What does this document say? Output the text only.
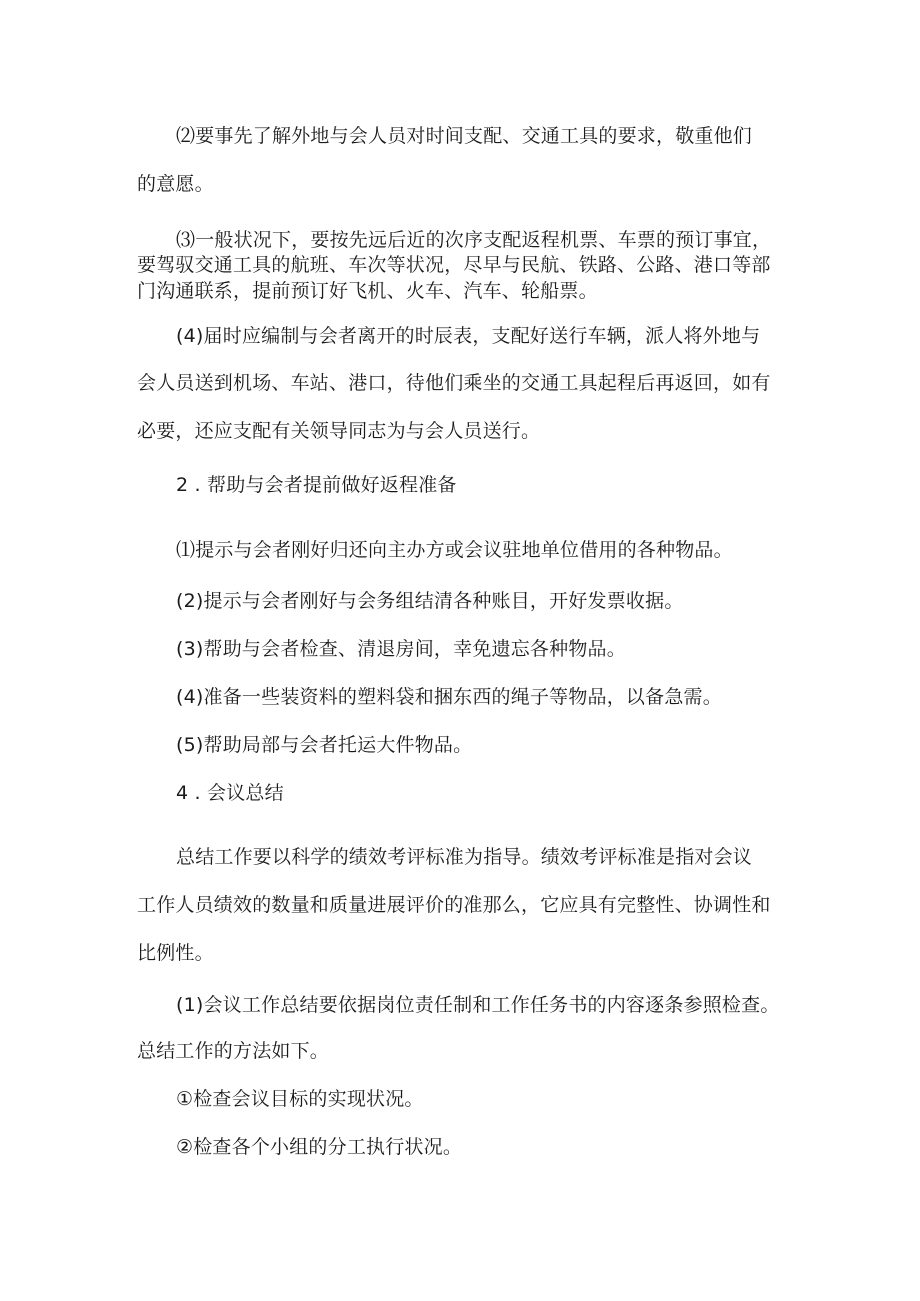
⑵要事先了解外地与会人员对时间支配、交通工具的要求，敬重他们
的意愿。
⑶一般状况下，要按先远后近的次序支配返程机票、车票的预订事宜，
要驾驭交通工具的航班、车次等状况，尽早与民航、铁路、公路、港口等部
门沟通联系，提前预订好飞机、火车、汽车、轮船票。
(4)届时应编制与会者离开的时辰表，支配好送行车辆，派人将外地与
会人员送到机场、车站、港口，待他们乘坐的交通工具起程后再返回，如有
必要，还应支配有关领导同志为与会人员送行。
2 . 帮助与会者提前做好返程准备
⑴提示与会者刚好归还向主办方或会议驻地单位借用的各种物品。
(2)提示与会者刚好与会务组结清各种账目，开好发票收据。
(3)帮助与会者检查、清退房间，幸免遗忘各种物品。
(4)准备一些装资料的塑料袋和捆东西的绳子等物品，以备急需。
(5)帮助局部与会者托运大件物品。
4 . 会议总结
总结工作要以科学的绩效考评标准为指导。绩效考评标准是指对会议
工作人员绩效的数量和质量进展评价的准那么，它应具有完整性、协调性和
比例性。
(1)会议工作总结要依据岗位责任制和工作任务书的内容逐条参照检查。
总结工作的方法如下。
①检查会议目标的实现状况。
②检查各个小组的分工执行状况。
